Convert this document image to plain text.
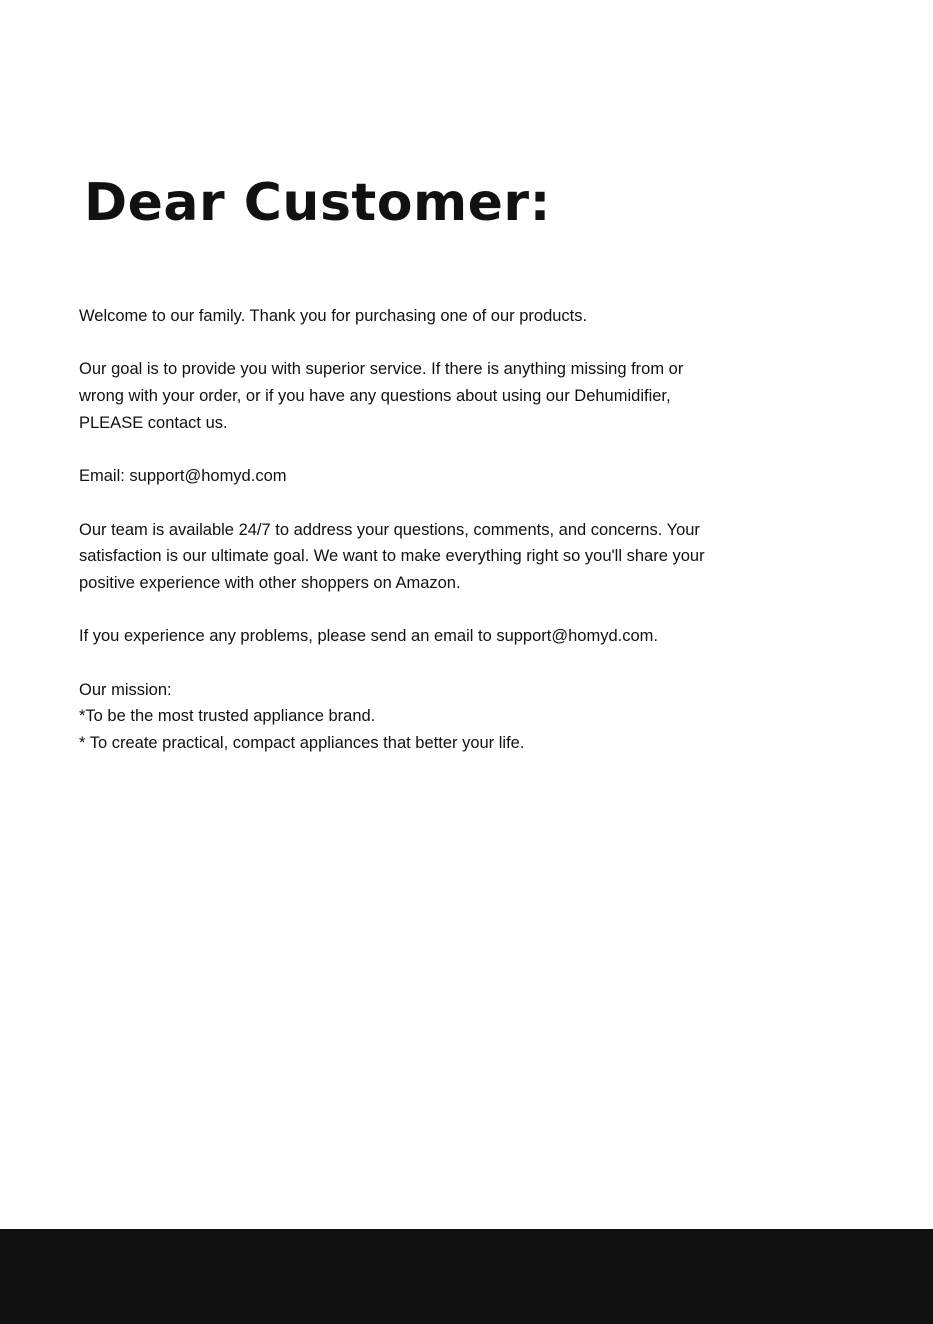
Dear Customer:

Welcome to our family. Thank you for purchasing one of our products.

Our goal is to provide you with superior service. If there is anything missing from or
wrong with your order, or if you have any questions about using our Dehumidifier,
PLEASE contact us.

Email: support@homyd.com

Our team is available 24/7 to address your questions, comments, and concerns. Your
satisfaction is our ultimate goal. We want to make everything right so you'll share your
positive experience with other shoppers on Amazon.

If you experience any problems, please send an email to support@homyd.com.

Our mission:
*To be the most trusted appliance brand.
* To create practical, compact appliances that better your life.
